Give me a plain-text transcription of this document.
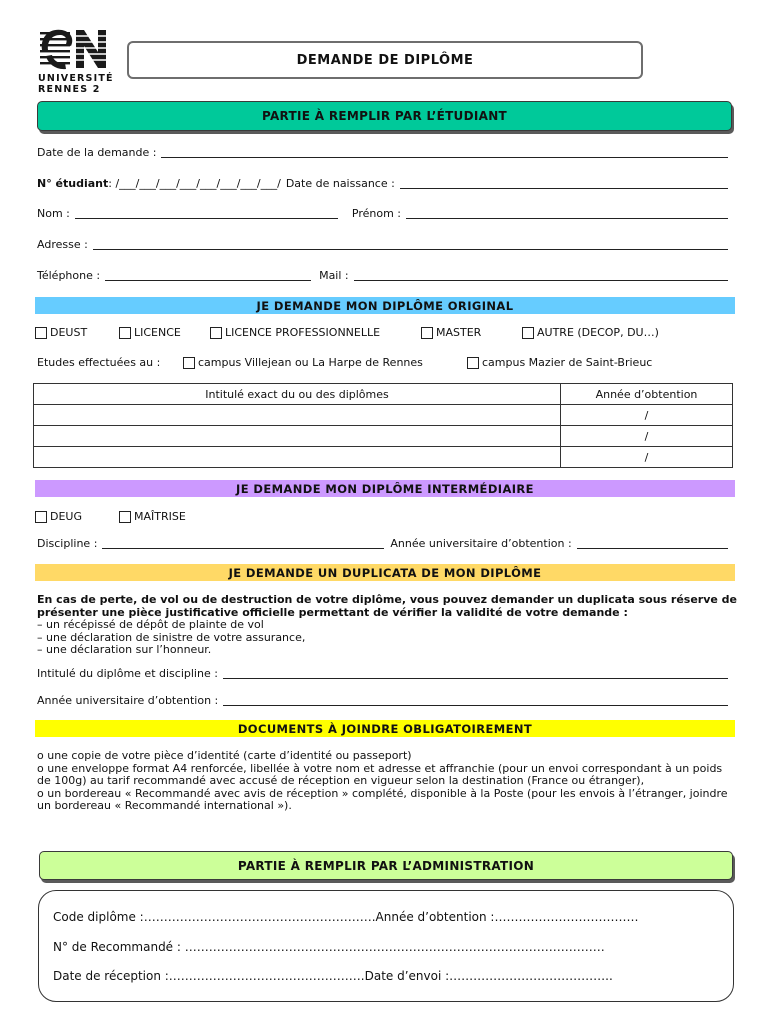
UNIVERSITÉ
RENNES 2
DEMANDE DE DIPLÔME
PARTIE À REMPLIR PAR L’ÉTUDIANT
Date de la demande :
N° étudiant : /___/___/___/___/___/___/___/___/ Date de naissance :
Nom :	Prénom :
Adresse :
Téléphone :	Mail :
JE DEMANDE MON DIPLÔME ORIGINAL
DEUST	LICENCE	LICENCE PROFESSIONNELLE	MASTER	AUTRE (DECOP, DU…)
Etudes effectuées au :	campus Villejean ou La Harpe de Rennes	campus Mazier de Saint-Brieuc
Intitulé exact du ou des diplômes	Année d’obtention
	/
	/
	/
JE DEMANDE MON DIPLÔME INTERMÉDIAIRE
DEUG	MAÎTRISE
Discipline :	Année universitaire d’obtention :
JE DEMANDE UN DUPLICATA DE MON DIPLÔME
En cas de perte, de vol ou de destruction de votre diplôme, vous pouvez demander un duplicata sous réserve de présenter une pièce justificative officielle permettant de vérifier la validité de votre demande :
– un récépissé de dépôt de plainte de vol
– une déclaration de sinistre de votre assurance,
– une déclaration sur l’honneur.
Intitulé du diplôme et discipline :
Année universitaire d’obtention :
DOCUMENTS À JOINDRE OBLIGATOIREMENT
o une copie de votre pièce d’identité (carte d’identité ou passeport)
o une enveloppe format A4 renforcée, libellée à votre nom et adresse et affranchie (pour un envoi correspondant à un poids de 100g) au tarif recommandé avec accusé de réception en vigueur selon la destination (France ou étranger),
o un bordereau « Recommandé avec avis de réception » complété, disponible à la Poste (pour les envois à l’étranger, joindre un bordereau « Recommandé international »).
PARTIE À REMPLIR PAR L’ADMINISTRATION
Code diplôme :………………………………………………….Année d’obtention :………………………………
N° de Recommandé : ……………………………………………………………………………………………
Date de réception :………………………………………….Date d’envoi :…………………………………..
